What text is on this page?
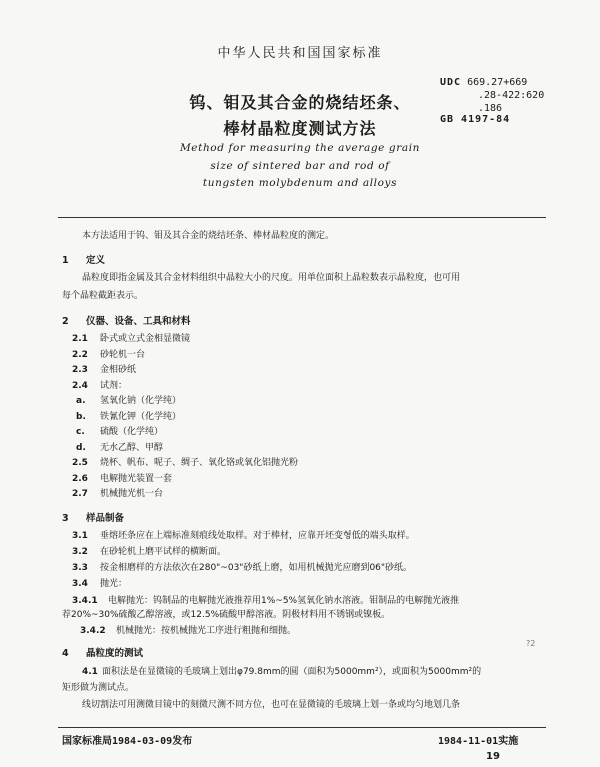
中华人民共和国国家标准
UDC 669.27+669
.28-422:620
.186
GB 4197-84
钨、钼及其合金的烧结坯条、
棒材晶粒度测试方法
Method for measuring the average grain
size of sintered bar and rod of
tungsten molybdenum and alloys
本方法适用于钨、钼及其合金的烧结坯条、棒材晶粒度的测定。
1 定义
晶粒度即指金属及其合金材料组织中晶粒大小的尺度。用单位面积上晶粒数表示晶粒度，也可用
每个晶粒截距表示。
2 仪器、设备、工具和材料
2.1 卧式或立式金相显微镜
2.2 砂轮机一台
2.3 金相砂纸
2.4 试剂：
a. 氢氧化钠（化学纯）
b. 铁氰化钾（化学纯）
c. 硫酸（化学纯）
d. 无水乙醇、甲醇
2.5 烧杯、帆布、呢子、绸子、氧化铬或氧化铝抛光粉
2.6 电解抛光装置一套
2.7 机械抛光机一台
3 样品制备
3.1 垂熔坯条应在上端标准刻痕线处取样。对于棒材，应靠开坯变형低的端头取样。
3.2 在砂轮机上磨平试样的横断面。
3.3 按金相磨样的方法依次在280"~03"砂纸上磨，如用机械抛光应磨到06"砂纸。
3.4 抛光：
3.4.1 电解抛光：钨制品的电解抛光液推荐用1%~5%氢氧化钠水溶液。钼制品的电解抛光液推
荐20%~30%硫酸乙醇溶液，或12.5%硫酸甲醇溶液。阴极材料用不锈钢或镍板。
3.4.2 机械抛光：按机械抛光工序进行粗抛和细抛。
?2
4 晶粒度的测试
4.1 面积法是在显微镜的毛玻璃上划出φ79.8mm的圆（面积为5000mm²），或面积为5000mm²的
矩形做为测试点。
线切割法可用测微目镜中的刻微尺测不同方位，也可在显微镜的毛玻璃上划一条或均匀地划几条
国家标准局1984-03-09发布	1984-11-01实施
19
